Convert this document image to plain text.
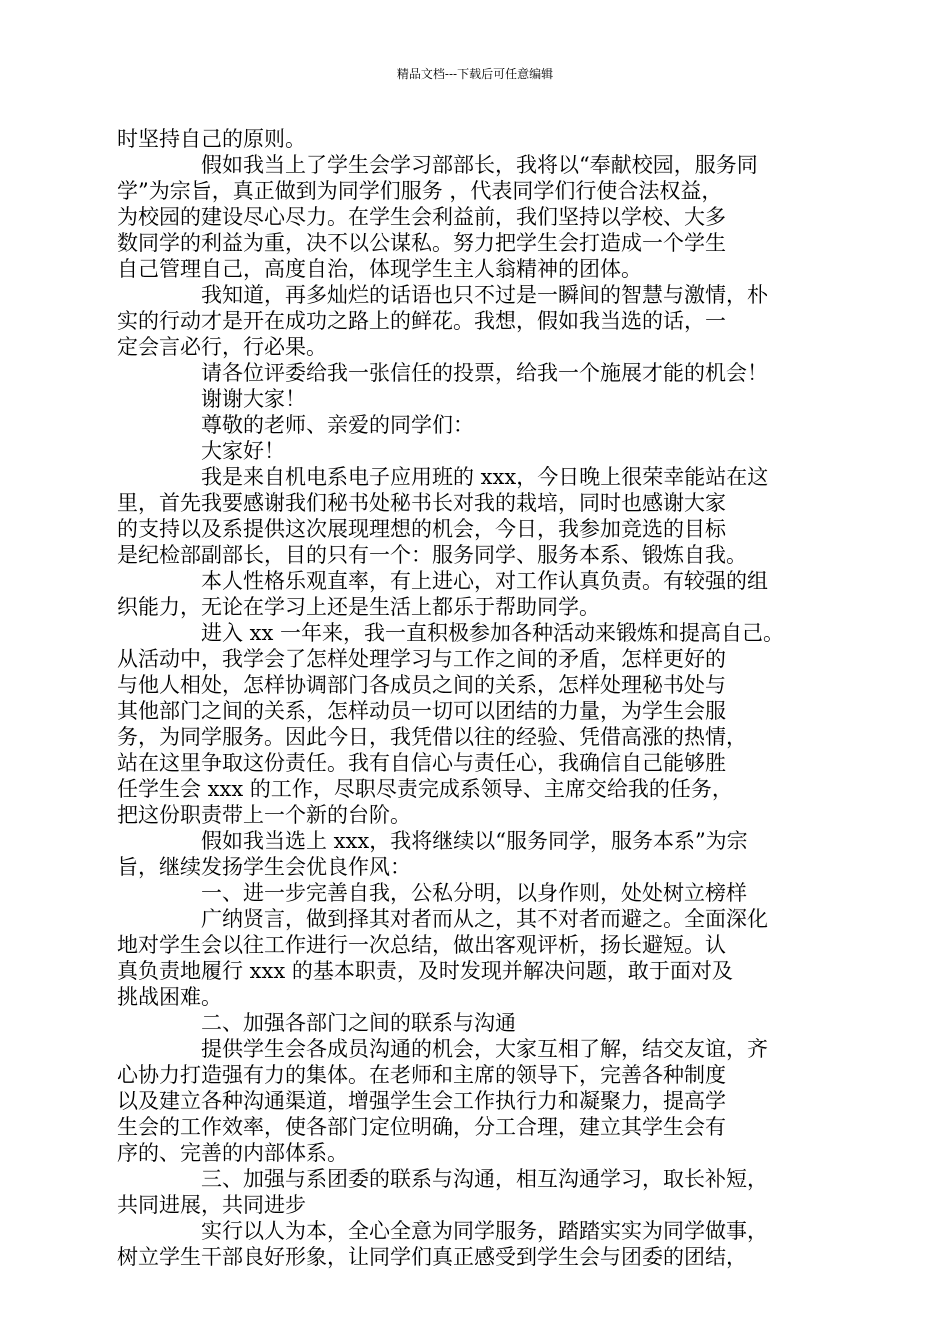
精品文档---下载后可任意编辑
时坚持自己的原则。
假如我当上了学生会学习部部长，我将以“奉献校园，服务同
学”为宗旨，真正做到为同学们服务 ，代表同学们行使合法权益，
为校园的建设尽心尽力。在学生会利益前，我们坚持以学校、大多
数同学的利益为重，决不以公谋私。努力把学生会打造成一个学生
自己管理自己，高度自治，体现学生主人翁精神的团体。
我知道，再多灿烂的话语也只不过是一瞬间的智慧与激情，朴
实的行动才是开在成功之路上的鲜花。我想，假如我当选的话，一
定会言必行，行必果。
请各位评委给我一张信任的投票，给我一个施展才能的机会！
谢谢大家！
尊敬的老师、亲爱的同学们：
大家好！
我是来自机电系电子应用班的 xxx，今日晚上很荣幸能站在这
里，首先我要感谢我们秘书处秘书长对我的栽培，同时也感谢大家
的支持以及系提供这次展现理想的机会，今日，我参加竞选的目标
是纪检部副部长，目的只有一个：服务同学、服务本系、锻炼自我。
本人性格乐观直率，有上进心，对工作认真负责。有较强的组
织能力，无论在学习上还是生活上都乐于帮助同学。
进入 xx 一年来，我一直积极参加各种活动来锻炼和提高自己。
从活动中，我学会了怎样处理学习与工作之间的矛盾，怎样更好的
与他人相处，怎样协调部门各成员之间的关系，怎样处理秘书处与
其他部门之间的关系，怎样动员一切可以团结的力量，为学生会服
务，为同学服务。因此今日，我凭借以往的经验、凭借高涨的热情，
站在这里争取这份责任。我有自信心与责任心，我确信自己能够胜
任学生会 xxx 的工作，尽职尽责完成系领导、主席交给我的任务，
把这份职责带上一个新的台阶。
假如我当选上 xxx，我将继续以“服务同学，服务本系”为宗
旨，继续发扬学生会优良作风：
一、进一步完善自我，公私分明，以身作则，处处树立榜样
广纳贤言，做到择其对者而从之，其不对者而避之。全面深化
地对学生会以往工作进行一次总结，做出客观评析，扬长避短。认
真负责地履行 xxx 的基本职责，及时发现并解决问题，敢于面对及
挑战困难。
二、加强各部门之间的联系与沟通
提供学生会各成员沟通的机会，大家互相了解，结交友谊，齐
心协力打造强有力的集体。在老师和主席的领导下，完善各种制度
以及建立各种沟通渠道，增强学生会工作执行力和凝聚力，提高学
生会的工作效率，使各部门定位明确，分工合理，建立其学生会有
序的、完善的内部体系。
三、加强与系团委的联系与沟通，相互沟通学习，取长补短，
共同进展，共同进步
实行以人为本，全心全意为同学服务，踏踏实实为同学做事，
树立学生干部良好形象，让同学们真正感受到学生会与团委的团结，
